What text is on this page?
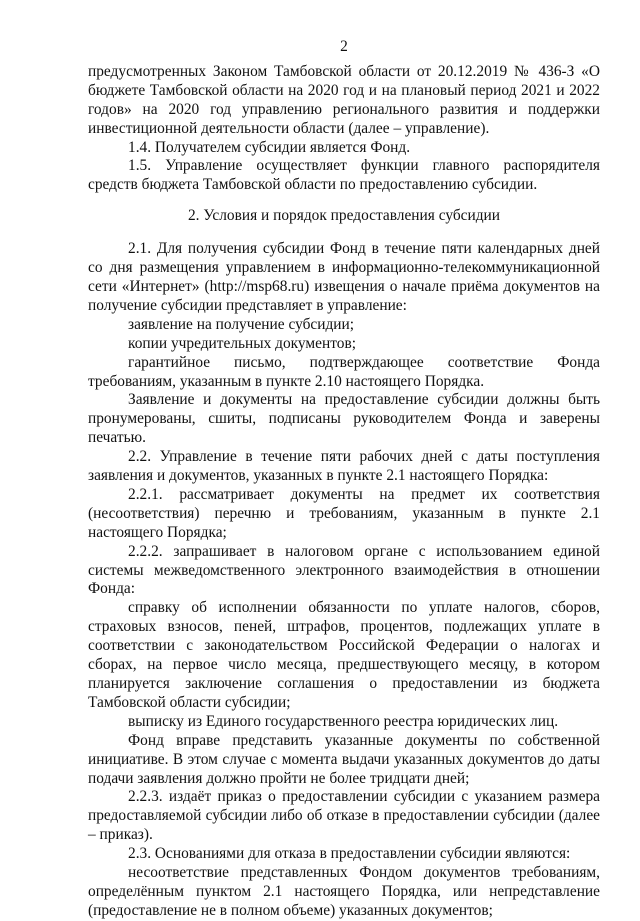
2

предусмотренных Законом Тамбовской области от 20.12.2019 № 436-З «О бюджете Тамбовской области на 2020 год и на плановый период 2021 и 2022 годов» на 2020 год управлению регионального развития и поддержки инвестиционной деятельности области (далее – управление).

1.4. Получателем субсидии является Фонд.

1.5. Управление осуществляет функции главного распорядителя средств бюджета Тамбовской области по предоставлению субсидии.

2. Условия и порядок предоставления субсидии

2.1. Для получения субсидии Фонд в течение пяти календарных дней со дня размещения управлением в информационно-телекоммуникационной сети «Интернет» (http://msp68.ru) извещения о начале приёма документов на получение субсидии представляет в управление:

заявление на получение субсидии;

копии учредительных документов;

гарантийное письмо, подтверждающее соответствие Фонда

требованиям, указанным в пункте 2.10 настоящего Порядка.

Заявление и документы на предоставление субсидии должны быть пронумерованы, сшиты, подписаны руководителем Фонда и заверены печатью.

2.2. Управление в течение пяти рабочих дней с даты поступления заявления и документов, указанных в пункте 2.1 настоящего Порядка:

2.2.1. рассматривает документы на предмет их соответствия (несоответствия) перечню и требованиям, указанным в пункте 2.1 настоящего Порядка;

2.2.2. запрашивает в налоговом органе с использованием единой системы межведомственного электронного взаимодействия в отношении Фонда:

справку об исполнении обязанности по уплате налогов, сборов, страховых взносов, пеней, штрафов, процентов, подлежащих уплате в соответствии с законодательством Российской Федерации о налогах и сборах, на первое число месяца, предшествующего месяцу, в котором планируется заключение соглашения о предоставлении из бюджета Тамбовской области субсидии;

выписку из Единого государственного реестра юридических лиц.

Фонд вправе представить указанные документы по собственной инициативе. В этом случае с момента выдачи указанных документов до даты подачи заявления должно пройти не более тридцати дней;

2.2.3. издаёт приказ о предоставлении субсидии с указанием размера предоставляемой субсидии либо об отказе в предоставлении субсидии (далее – приказ).

2.3. Основаниями для отказа в предоставлении субсидии являются:

несоответствие представленных Фондом документов требованиям, определённым пунктом 2.1 настоящего Порядка, или непредставление (предоставление не в полном объеме) указанных документов;
